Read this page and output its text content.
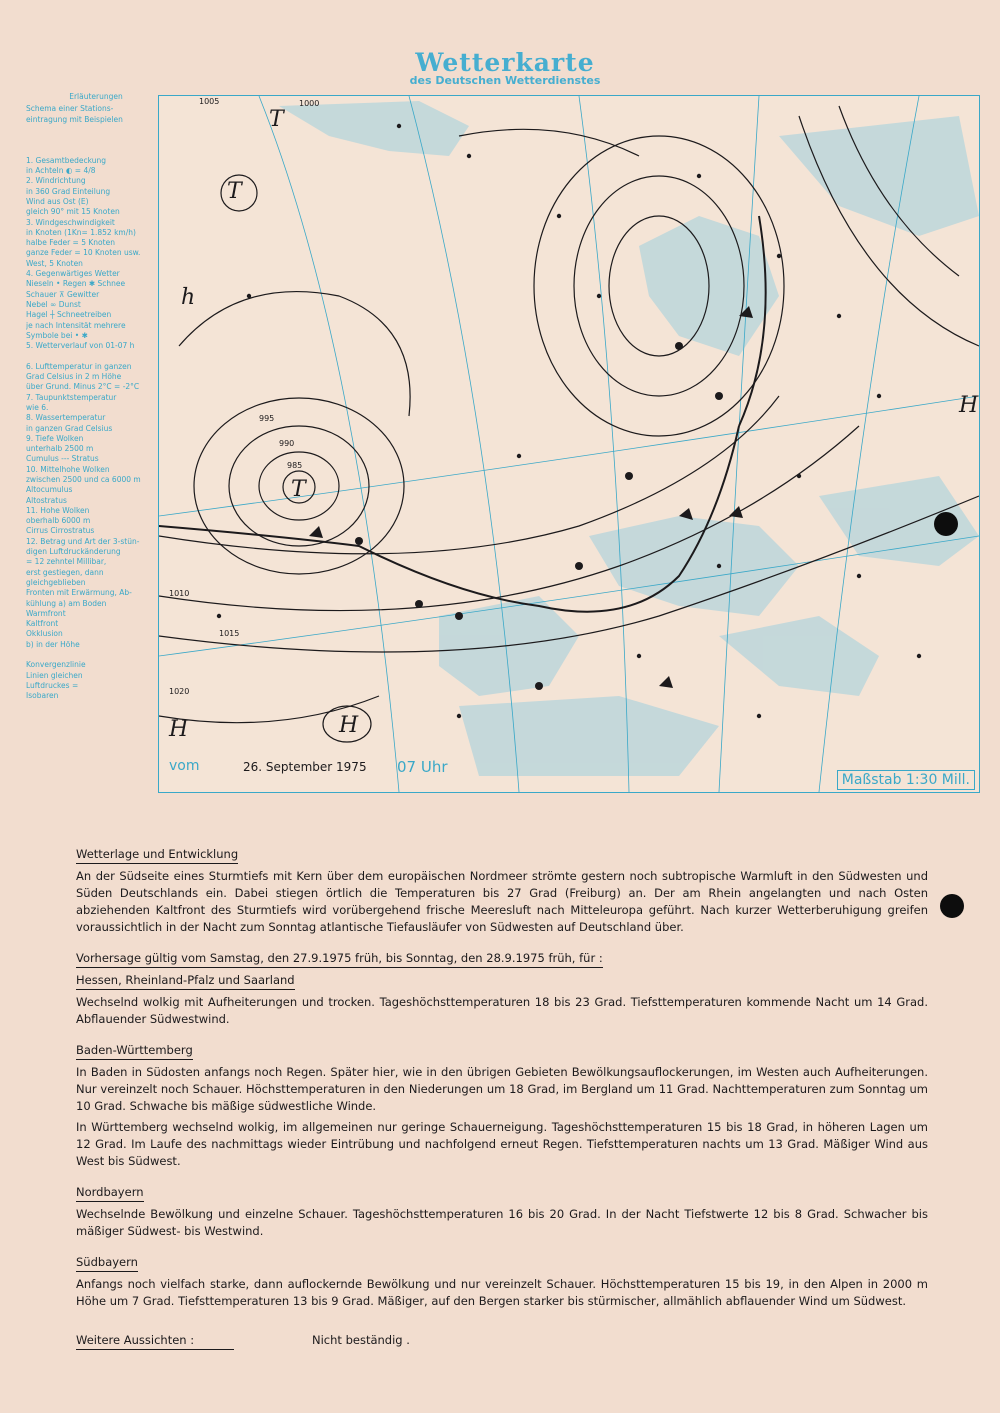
Wetterkarte
des Deutschen Wetterdienstes
Erläuterungen
Schema einer Stations-
eintragung mit Beispielen

1. Gesamtbedeckung
in Achteln ◐ = 4/8
2. Windrichtung
in 360 Grad Einteilung
Wind aus Ost (E)
gleich 90° mit 15 Knoten
3. Windgeschwindigkeit
in Knoten (1Kn= 1.852 km/h)
halbe Feder = 5 Knoten
ganze Feder = 10 Knoten usw.
West, 5 Knoten
4. Gegenwärtiges Wetter
Nieseln • Regen ✱ Schnee
Schauer ⊼ Gewitter
Nebel ∞ Dunst
Hagel ┼ Schneetreiben
je nach Intensität mehrere
Symbole bei • ✱
5. Wetterverlauf von 01-07 h

6. Lufttemperatur in ganzen
Grad Celsius in 2 m Höhe
über Grund. Minus 2°C = -2°C
7. Taupunktstemperatur
wie 6.
8. Wassertemperatur
in ganzen Grad Celsius
9. Tiefe Wolken
unterhalb 2500 m
Cumulus --- Stratus
10. Mittelhohe Wolken
zwischen 2500 und ca 6000 m
Altocumulus
Altostratus
11. Hohe Wolken
oberhalb 6000 m
Cirrus Cirrostratus
12. Betrag und Art der 3-stün-
digen Luftdruckänderung
= 12 zehntel Millibar,
erst gestiegen, dann
gleichgeblieben
Fronten mit Erwärmung, Ab-
kühlung a) am Boden
Warmfront
Kaltfront
Okklusion
b) in der Höhe

Konvergenzlinie
Linien gleichen
Luftdruckes =
Isobaren
T
T
T
H
H
H
h
995
990
985
1010
1015
1020
1000
1005
vom	26. September 1975 07 Uhr
Maßstab 1:30 Mill.
Wetterlage und Entwicklung
An der Südseite eines Sturmtiefs mit Kern über dem europäischen Nordmeer strömte gestern noch subtropische Warmluft in den Südwesten und Süden Deutschlands ein. Dabei stiegen örtlich die Temperaturen bis 27 Grad (Freiburg) an. Der am Rhein angelangten und nach Osten abziehenden Kaltfront des Sturmtiefs wird vorübergehend frische Meeresluft nach Mitteleuropa geführt. Nach kurzer Wetterberuhigung greifen voraussichtlich in der Nacht zum Sonntag atlantische Tiefausläufer von Südwesten auf Deutschland über.
Vorhersage gültig vom Samstag, den 27.9.1975 früh, bis Sonntag, den 28.9.1975 früh, für :
Hessen, Rheinland-Pfalz und Saarland
Wechselnd wolkig mit Aufheiterungen und trocken. Tageshöchsttemperaturen 18 bis 23 Grad. Tiefsttemperaturen kommende Nacht um 14 Grad. Abflauender Südwestwind.
Baden-Württemberg
In Baden in Südosten anfangs noch Regen. Später hier, wie in den übrigen Gebieten Bewölkungsauflockerungen, im Westen auch Aufheiterungen. Nur vereinzelt noch Schauer. Höchsttemperaturen in den Niederungen um 18 Grad, im Bergland um 11 Grad. Nachttemperaturen zum Sonntag um 10 Grad. Schwache bis mäßige südwestliche Winde.
In Württemberg wechselnd wolkig, im allgemeinen nur geringe Schauerneigung. Tageshöchsttemperaturen 15 bis 18 Grad, in höheren Lagen um 12 Grad. Im Laufe des nachmittags wieder Eintrübung und nachfolgend erneut Regen. Tiefsttemperaturen nachts um 13 Grad. Mäßiger Wind aus West bis Südwest.
Nordbayern
Wechselnde Bewölkung und einzelne Schauer. Tageshöchsttemperaturen 16 bis 20 Grad. In der Nacht Tiefstwerte 12 bis 8 Grad. Schwacher bis mäßiger Südwest- bis Westwind.
Südbayern
Anfangs noch vielfach starke, dann auflockernde Bewölkung und nur vereinzelt Schauer. Höchsttemperaturen 15 bis 19, in den Alpen in 2000 m Höhe um 7 Grad. Tiefsttemperaturen 13 bis 9 Grad. Mäßiger, auf den Bergen starker bis stürmischer, allmählich abflauender Wind um Südwest.
Weitere Aussichten :	Nicht beständig .
